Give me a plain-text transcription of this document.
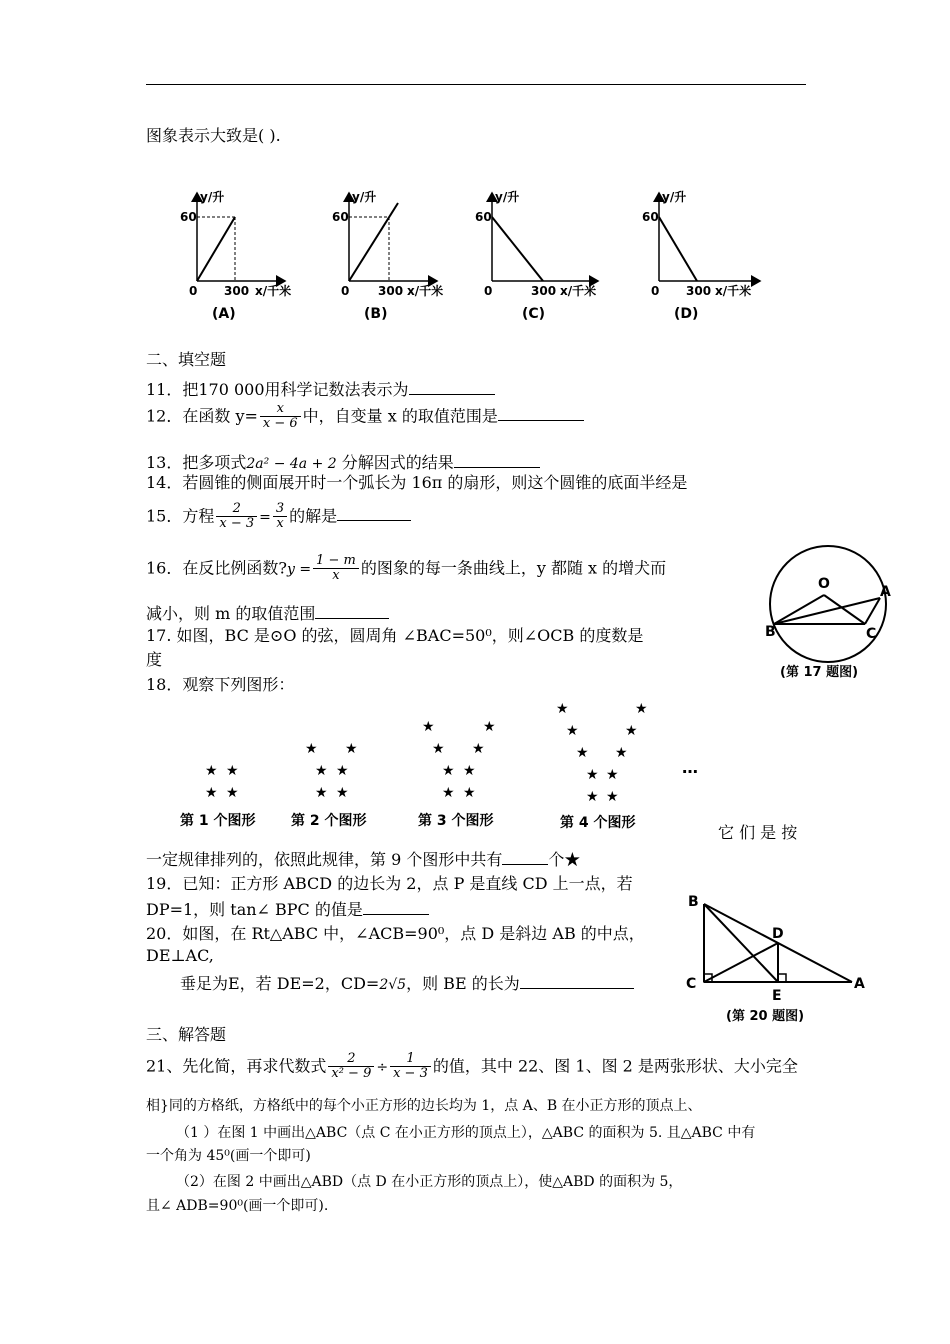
图象表示大致是( ).
y/升
60
0 300 x/千米
(A)
y/升
60
0 300 x/千米
(B)
y/升
60
0	300 x/千米
(C)
y/升
60
0 300 x/千米
(D)
二、填空题
11．把170 000用科学记数法表示为
12．在函数 $y= \frac{x}{x - 6}$ 中，自变量 x 的取值范围是
13．把多项式2a² − 4a + 2 分解因式的结果
14．若圆锥的侧面展开时一个弧长为 16π 的扇形，则这个圆锥的底面半经是
15．方程 $\frac{2}{x - 3} = \frac{3}{x}$ 的解是
16．在反比例函数?y = $\frac{1 - m}{x}$ 的图象的每一条曲线上，y 都随 x 的增犬而
减小，则 m 的取值范围
17. 如图，BC 是⊙O 的弦，圆周角 ∠BAC=50⁰，则∠OCB 的度数是
度
O	A
B	C
(第 17 题图)
18．观察下列图形：
★ ★
★ ★
★ ★
★ ★
★ ★
★	★
★ ★
★ ★
★ ★
★	★
★	★
★ ★
★ ★
★ ★
…
第 1 个图形	第 2 个图形	第 3 个图形	第 4 个图形	它 们 是 按
一定规律排列的，依照此规律，第 9 个图形中共有	个★
19．已知：正方形 ABCD 的边长为 2，点 P 是直线 CD 上一点，若
DP=1，则 tan∠ BPC 的值是
20．如图，在 Rt△ABC 中，∠ACB=90⁰，点 D 是斜边 AB 的中点，
DE⊥AC,
垂足为E，若 DE=2，CD=2√5，则 BE 的长为
B
D
C
E
A
(第 20 题图)
三、解答题
21、先化简，再求代数式 $\frac{2}{\text{x² − 9}} \div \frac{1}{x - 3}$ 的值，其中 22、图 1、图 2 是两张形状、大小完全
相}同的方格纸，方格纸中的每个小正方形的边长均为 1，点 A、B 在小正方形的顶点上、
（1 ）在图 1 中画出△ABC（点 C 在小正方形的顶点上），△ABC 的面积为 5. 且△ABC 中有
一个角为 45⁰(画一个即可)
（2）在图 2 中画出△ABD（点 D 在小正方形的顶点上），使△ABD 的面积为 5，
且∠ ADB=90⁰(画一个即可).
